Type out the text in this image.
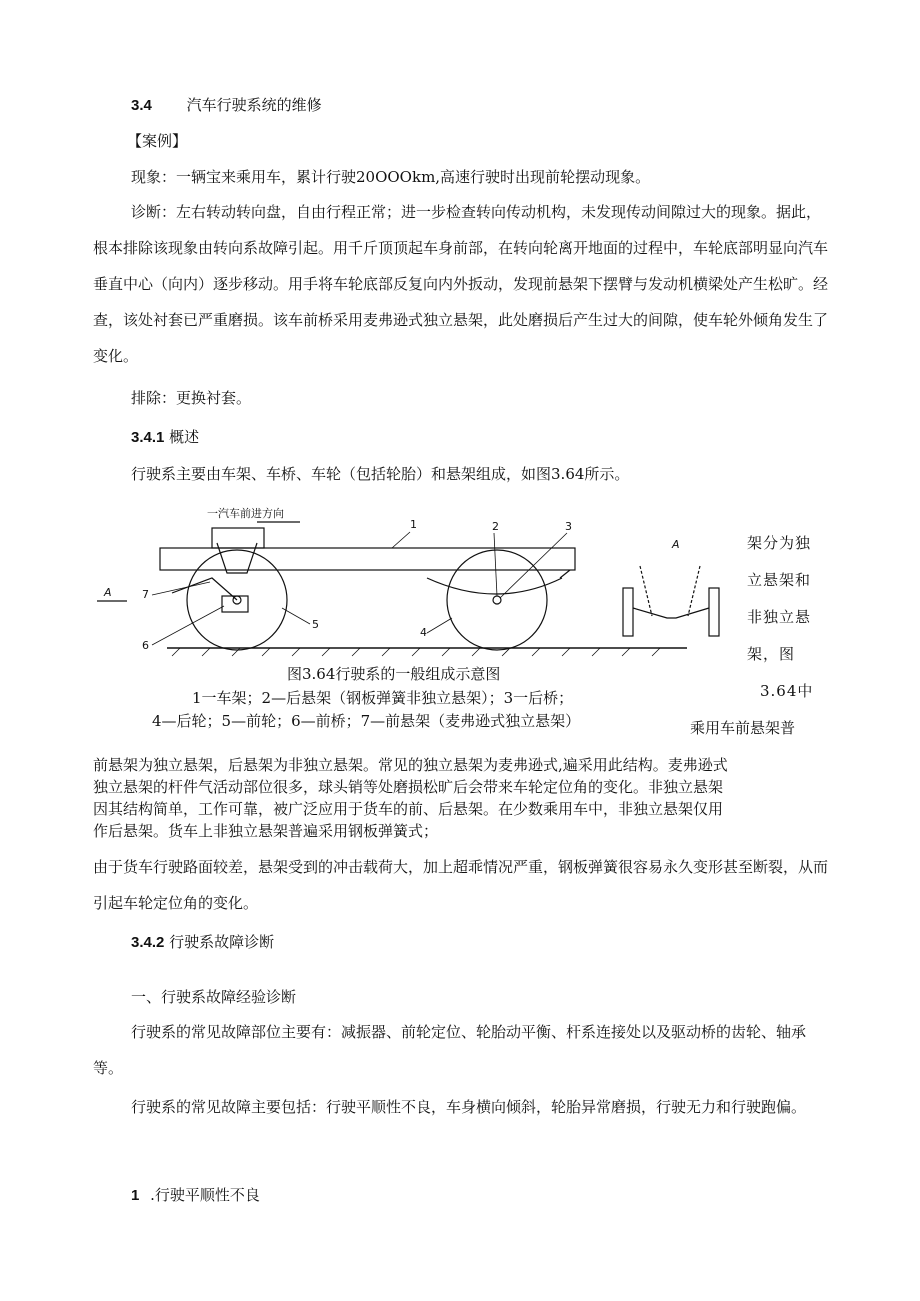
3.4 汽车行驶系统的维修
【案例】
现象：一辆宝来乘用车，累计行驶20OOOkm,高速行驶时出现前轮摆动现象。

诊断：左右转动转向盘，自由行程正常；进一步检查转向传动机构，未发现传动间隙过大的现象。据此，根本排除该现象由转向系故障引起。用千斤顶顶起车身前部，在转向轮离开地面的过程中，车轮底部明显向汽车垂直中心（向内）逐步移动。用手将车轮底部反复向内外扳动，发现前悬架下摆臂与发动机横梁处产生松旷。经查，该处衬套已严重磨损。该车前桥采用麦弗逊式独立悬架，此处磨损后产生过大的间隙，使车轮外倾角发生了变化。

排除：更换衬套。
3.4.1 概述
行驶系主要由车架、车桥、车轮（包括轮胎）和悬架组成，如图3.64所示。
一汽车前进方向
A
1	2	3
4
5
6
7
A	架分为独
立悬架和
非独立悬
架，图
3.64中
乘用车前悬架普
图3.64行驶系的一般组成示意图
1一车架；2—后悬架（钢板弹簧非独立悬架）；3一后桥；
4—后轮；5—前轮；6—前桥；7—前悬架（麦弗逊式独立悬架）
前悬架为独立悬架，后悬架为非独立悬架。常见的独立悬架为麦弗逊式,遍采用此结构。麦弗逊式
独立悬架的杆件气活动部位很多，球头销等处磨损松旷后会带来车轮定位角的变化。非独立悬架
因其结构简单，工作可靠，被广泛应用于货车的前、后悬架。在少数乘用车中，非独立悬架仅用
作后悬架。货车上非独立悬架普遍采用钢板弹簧式；

由于货车行驶路面较差，悬架受到的冲击载荷大，加上超乖情况严重，钢板弹簧很容易永久变形甚至断裂，从而引起车轮定位角的变化。

3.4.2 行驶系故障诊断
一、行驶系故障经验诊断

行驶系的常见故障部位主要有：减振器、前轮定位、轮胎动平衡、杆系连接处以及驱动桥的齿轮、轴承等。

行驶系的常见故障主要包括：行驶平顺性不良，车身横向倾斜，轮胎异常磨损，行驶无力和行驶跑偏。

1 .行驶平顺性不良
